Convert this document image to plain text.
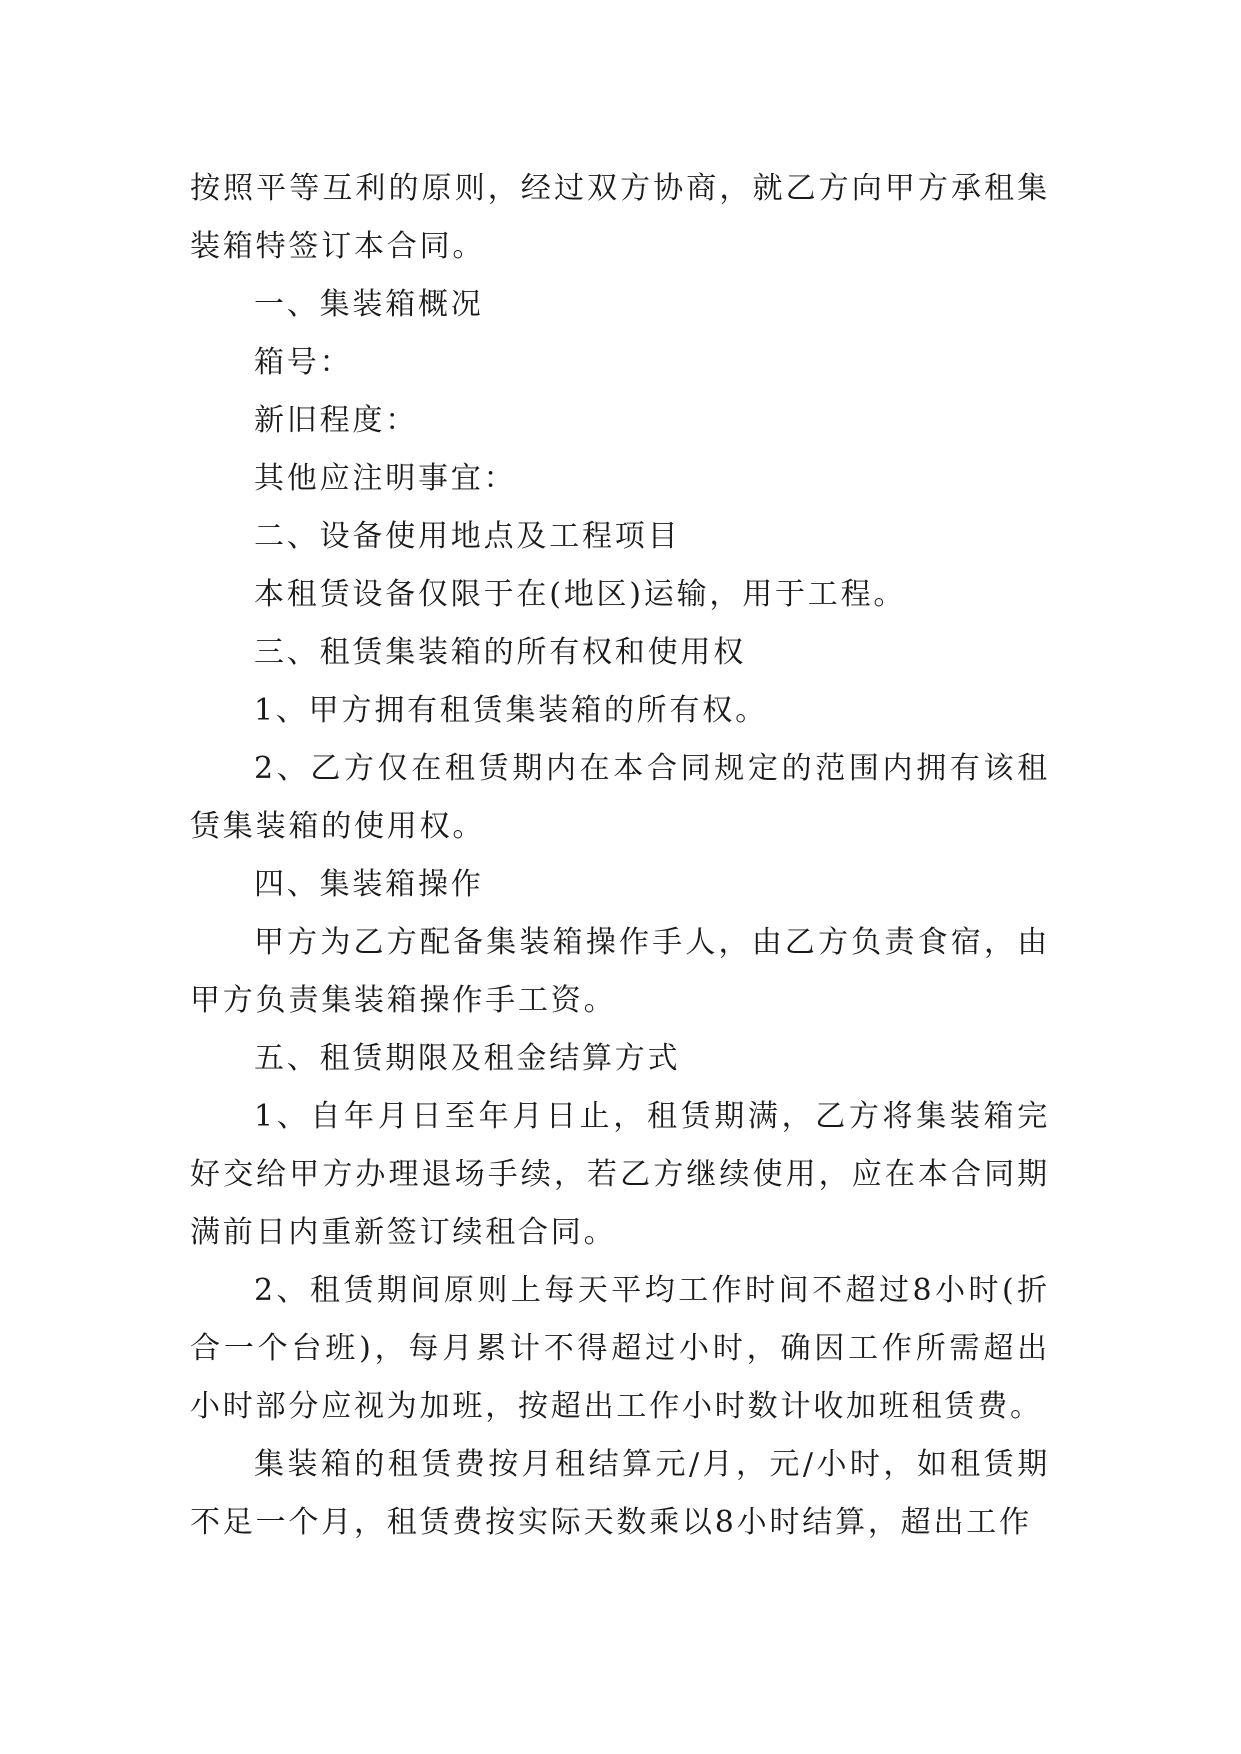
按照平等互利的原则，经过双方协商，就乙方向甲方承租集装箱特签订本合同。

一、集装箱概况

箱号：

新旧程度：

其他应注明事宜：

二、设备使用地点及工程项目

本租赁设备仅限于在(地区)运输，用于工程。

三、租赁集装箱的所有权和使用权

1、甲方拥有租赁集装箱的所有权。

2、乙方仅在租赁期内在本合同规定的范围内拥有该租赁集装箱的使用权。

四、集装箱操作

甲方为乙方配备集装箱操作手人，由乙方负责食宿，由甲方负责集装箱操作手工资。

五、租赁期限及租金结算方式

1、自年月日至年月日止，租赁期满，乙方将集装箱完好交给甲方办理退场手续，若乙方继续使用，应在本合同期满前日内重新签订续租合同。

2、租赁期间原则上每天平均工作时间不超过8小时(折合一个台班)，每月累计不得超过小时，确因工作所需超出小时部分应视为加班，按超出工作小时数计收加班租赁费。

集装箱的租赁费按月租结算元/月，元/小时，如租赁期不足一个月，租赁费按实际天数乘以8小时结算，超出工作
